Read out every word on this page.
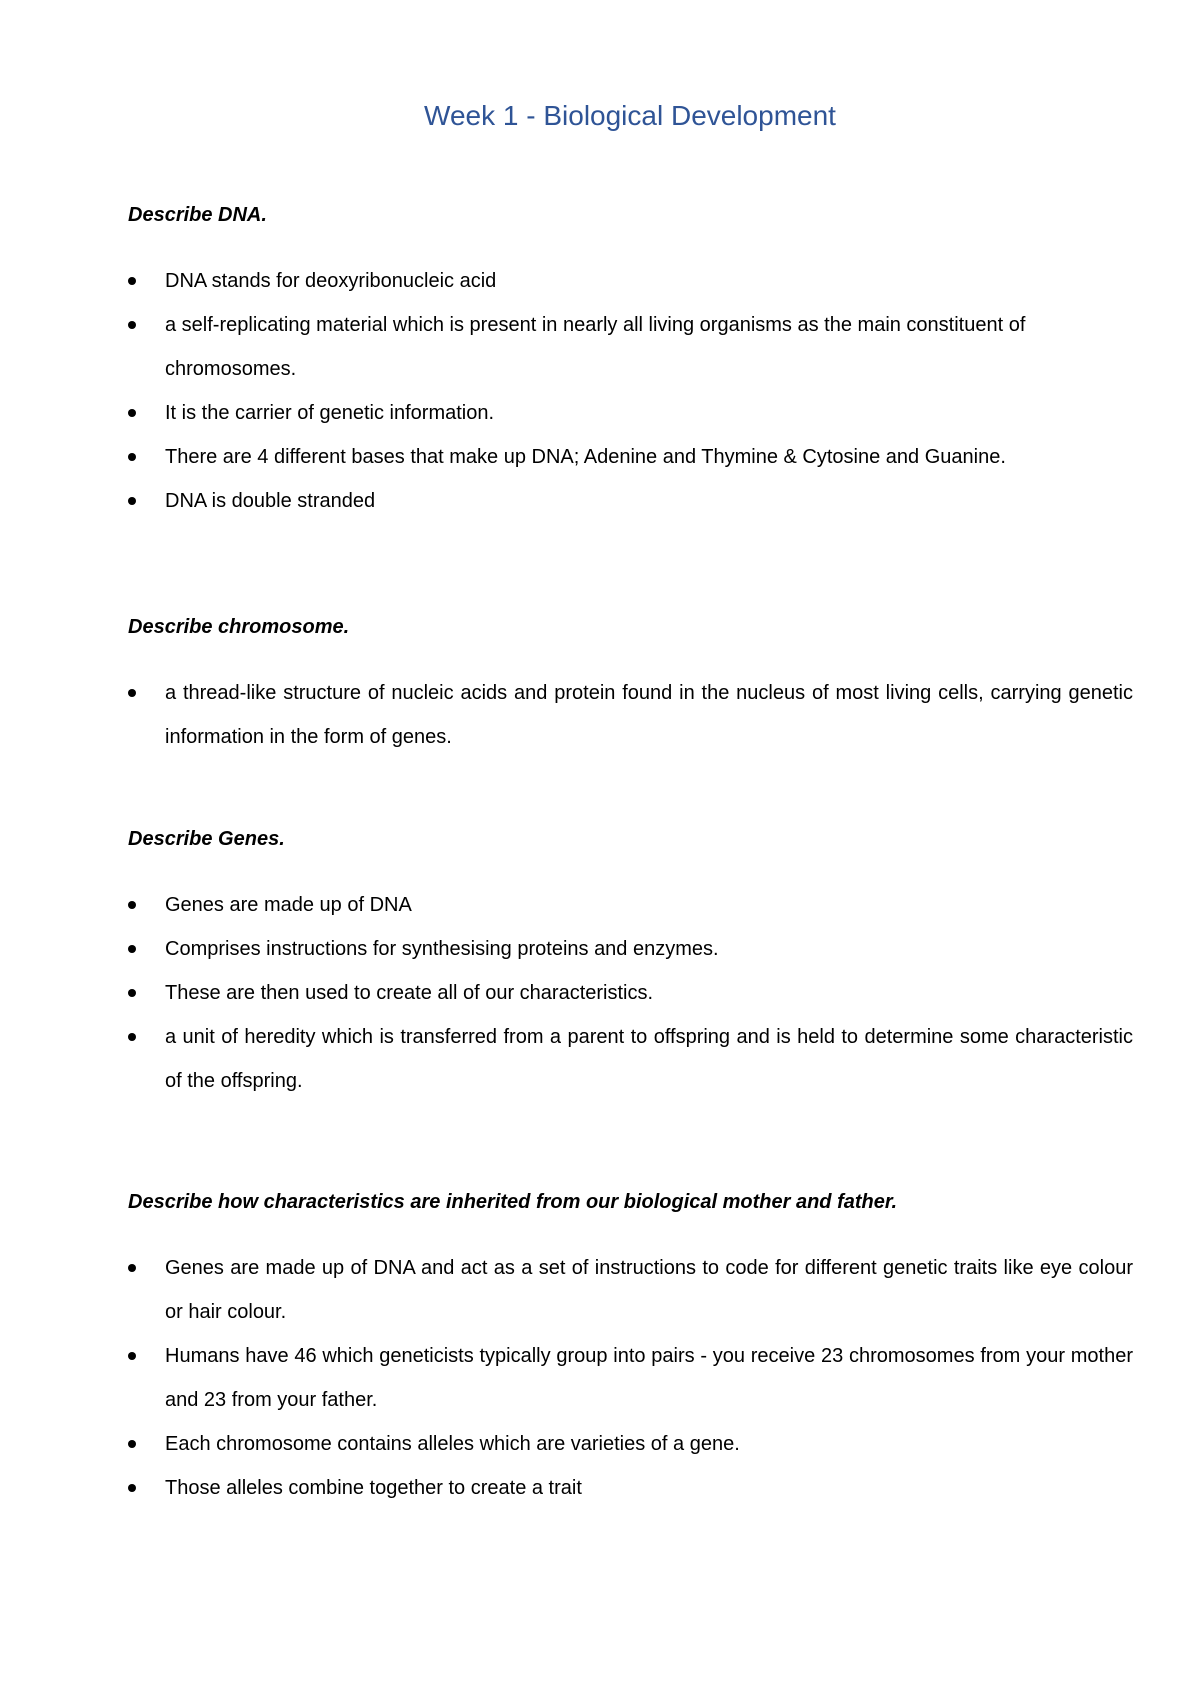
Week 1 - Biological Development

Describe DNA.

DNA stands for deoxyribonucleic acid
a self-replicating material which is present in nearly all living organisms as the main constituent of chromosomes.
It is the carrier of genetic information.
There are 4 different bases that make up DNA; Adenine and Thymine & Cytosine and Guanine.
DNA is double stranded

Describe chromosome.

a thread-like structure of nucleic acids and protein found in the nucleus of most living cells, carrying genetic information in the form of genes.

Describe Genes.

Genes are made up of DNA
Comprises instructions for synthesising proteins and enzymes.
These are then used to create all of our characteristics.
a unit of heredity which is transferred from a parent to offspring and is held to determine some characteristic of the offspring.

Describe how characteristics are inherited from our biological mother and father.

Genes are made up of DNA and act as a set of instructions to code for different genetic traits like eye colour or hair colour.
Humans have 46 which geneticists typically group into pairs - you receive 23 chromosomes from your mother and 23 from your father.
Each chromosome contains alleles which are varieties of a gene.
Those alleles combine together to create a trait
